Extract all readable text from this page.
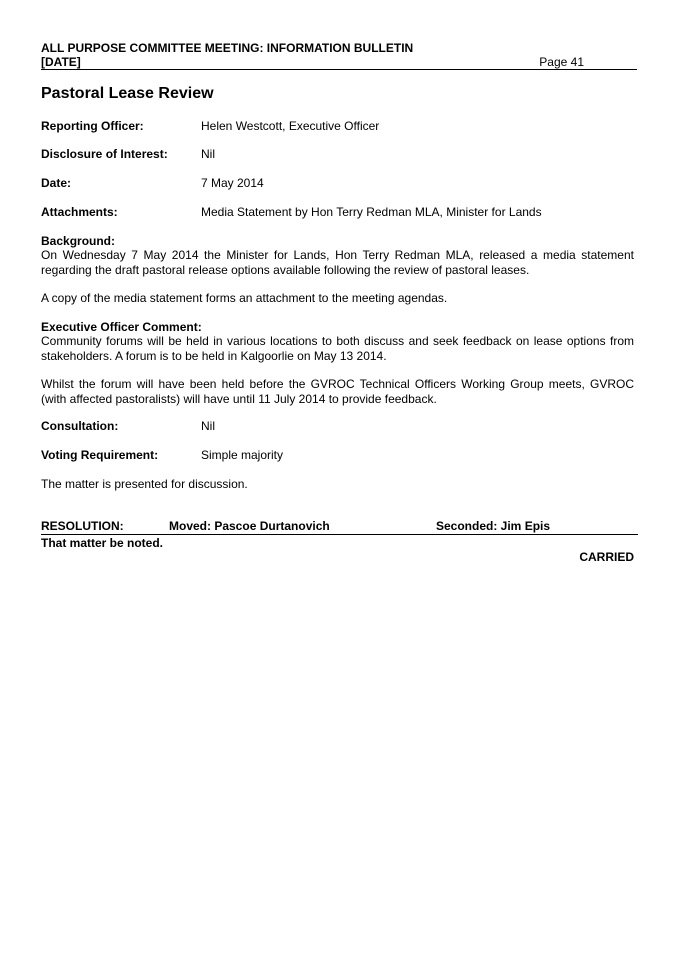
ALL PURPOSE COMMITTEE MEETING: INFORMATION BULLETIN
[DATE]	Page 41
Pastoral Lease Review
Reporting Officer:	Helen Westcott, Executive Officer
Disclosure of Interest:	Nil
Date:	7 May 2014
Attachments:	Media Statement by Hon Terry Redman MLA, Minister for Lands
Background:
On Wednesday 7 May 2014 the Minister for Lands, Hon Terry Redman MLA, released a media statement regarding the draft pastoral release options available following the review of pastoral leases.
A copy of the media statement forms an attachment to the meeting agendas.
Executive Officer Comment:
Community forums will be held in various locations to both discuss and seek feedback on lease options from stakeholders. A forum is to be held in Kalgoorlie on May 13 2014.
Whilst the forum will have been held before the GVROC Technical Officers Working Group meets, GVROC (with affected pastoralists) will have until 11 July 2014 to provide feedback.
Consultation:	Nil
Voting Requirement:	Simple majority
The matter is presented for discussion.
RESOLUTION:	Moved: Pascoe Durtanovich	Seconded: Jim Epis
That matter be noted.
CARRIED
